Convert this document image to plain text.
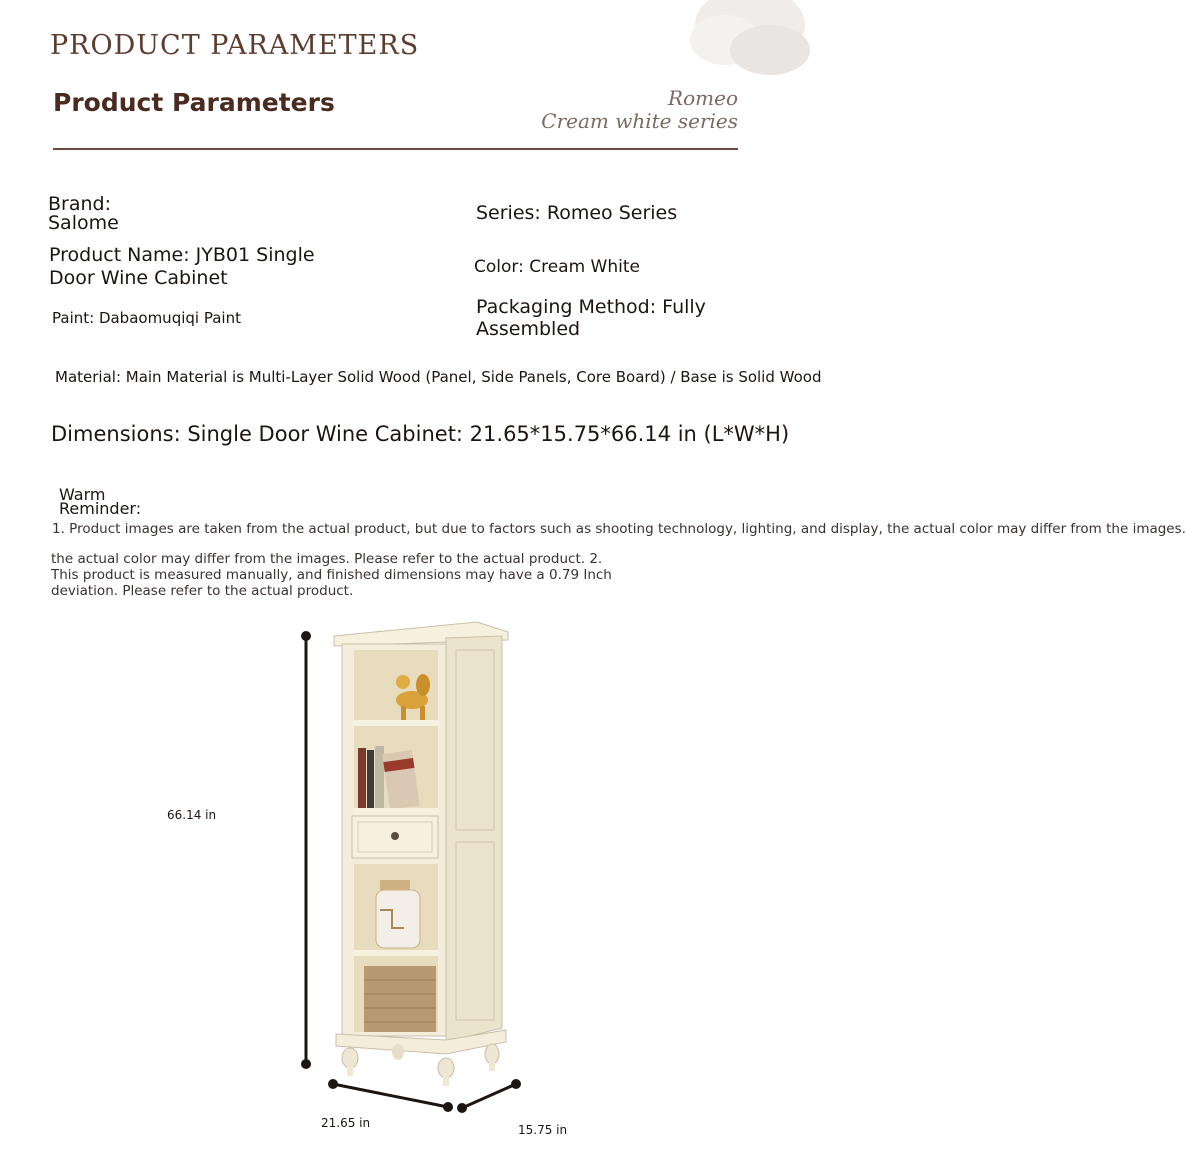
PRODUCT PARAMETERS
Product Parameters	Romeo
Cream white series
Brand:
Salome	Series: Romeo Series
Product Name: JYB01 Single
Door Wine Cabinet	Color: Cream White
Paint: Dabaomuqiqi Paint	Packaging Method: Fully
Assembled
Material: Main Material is Multi-Layer Solid Wood (Panel, Side Panels, Core Board) / Base is Solid Wood
Dimensions: Single Door Wine Cabinet: 21.65*15.75*66.14 in (L*W*H)
Warm
Reminder:
1. Product images are taken from the actual product, but due to factors such as shooting technology, lighting, and display, the actual color may differ from the images.
the actual color may differ from the images. Please refer to the actual product. 2.
This product is measured manually, and finished dimensions may have a 0.79 Inch
deviation. Please refer to the actual product.
66.14 in
21.65 in	15.75 in
